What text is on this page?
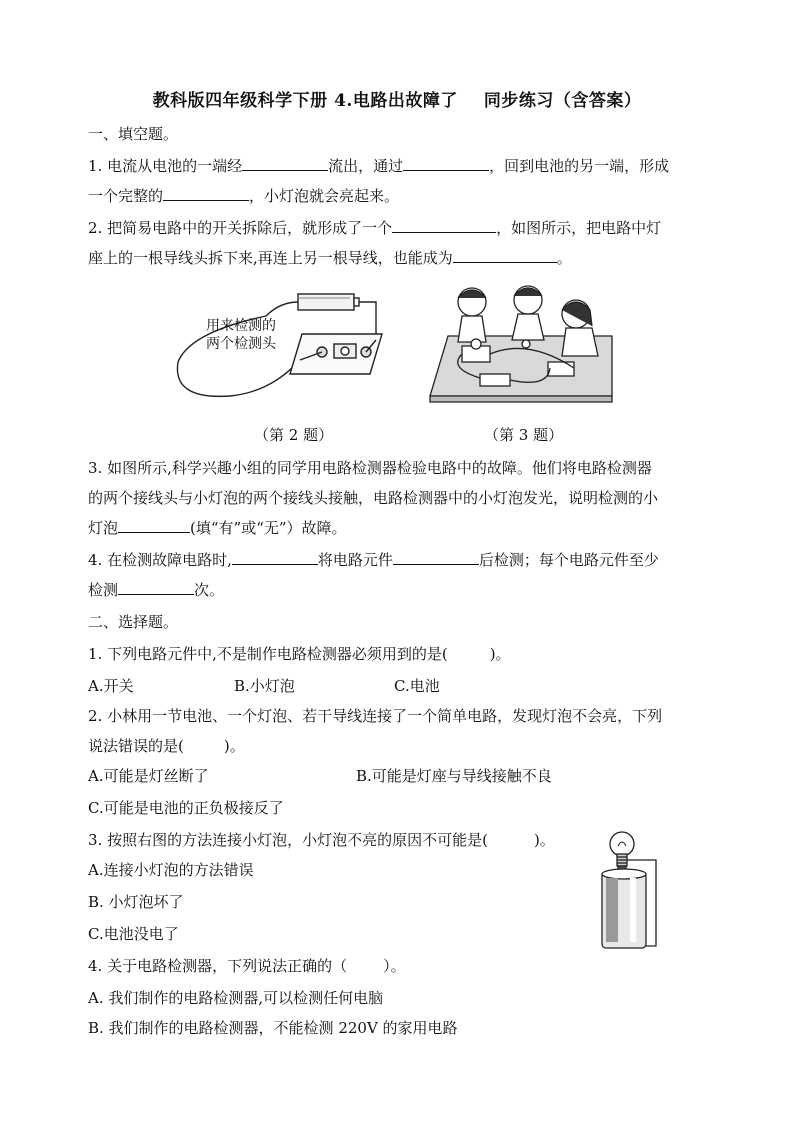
教科版四年级科学下册 4.电路出故障了 同步练习（含答案）
一、填空题。
1. 电流从电池的一端经	流出，通过	，回到电池的另一端，形成
一个完整的	，小灯泡就会亮起来。
2. 把简易电路中的开关拆除后，就形成了一个	，如图所示，把电路中灯
座上的一根导线头拆下来,再连上另一根导线，也能成为	。
用来检测的
两个检测头
（第 2 题）	（第 3 题）
3. 如图所示,科学兴趣小组的同学用电路检测器检验电路中的故障。他们将电路检测器
的两个接线头与小灯泡的两个接线头接触，电路检测器中的小灯泡发光，说明检测的小
灯泡	(填“有”或“无”）故障。
4. 在检测故障电路时,	将电路元件	后检测；每个电路元件至少
检测	次。
二、选择题。
1. 下列电路元件中,不是制作电路检测器必须用到的是(	)。
A.开关	B.小灯泡	C.电池
2. 小林用一节电池、一个灯泡、若干导线连接了一个简单电路，发现灯泡不会亮，下列
说法错误的是(	)。
A.可能是灯丝断了	B.可能是灯座与导线接触不良
C.可能是电池的正负极接反了
3. 按照右图的方法连接小灯泡，小灯泡不亮的原因不可能是(	)。
A.连接小灯泡的方法错误
B. 小灯泡坏了
C.电池没电了
4. 关于电路检测器，下列说法正确的（ ）。
A. 我们制作的电路检测器,可以检测任何电脑
B. 我们制作的电路检测器，不能检测 220V 的家用电路
